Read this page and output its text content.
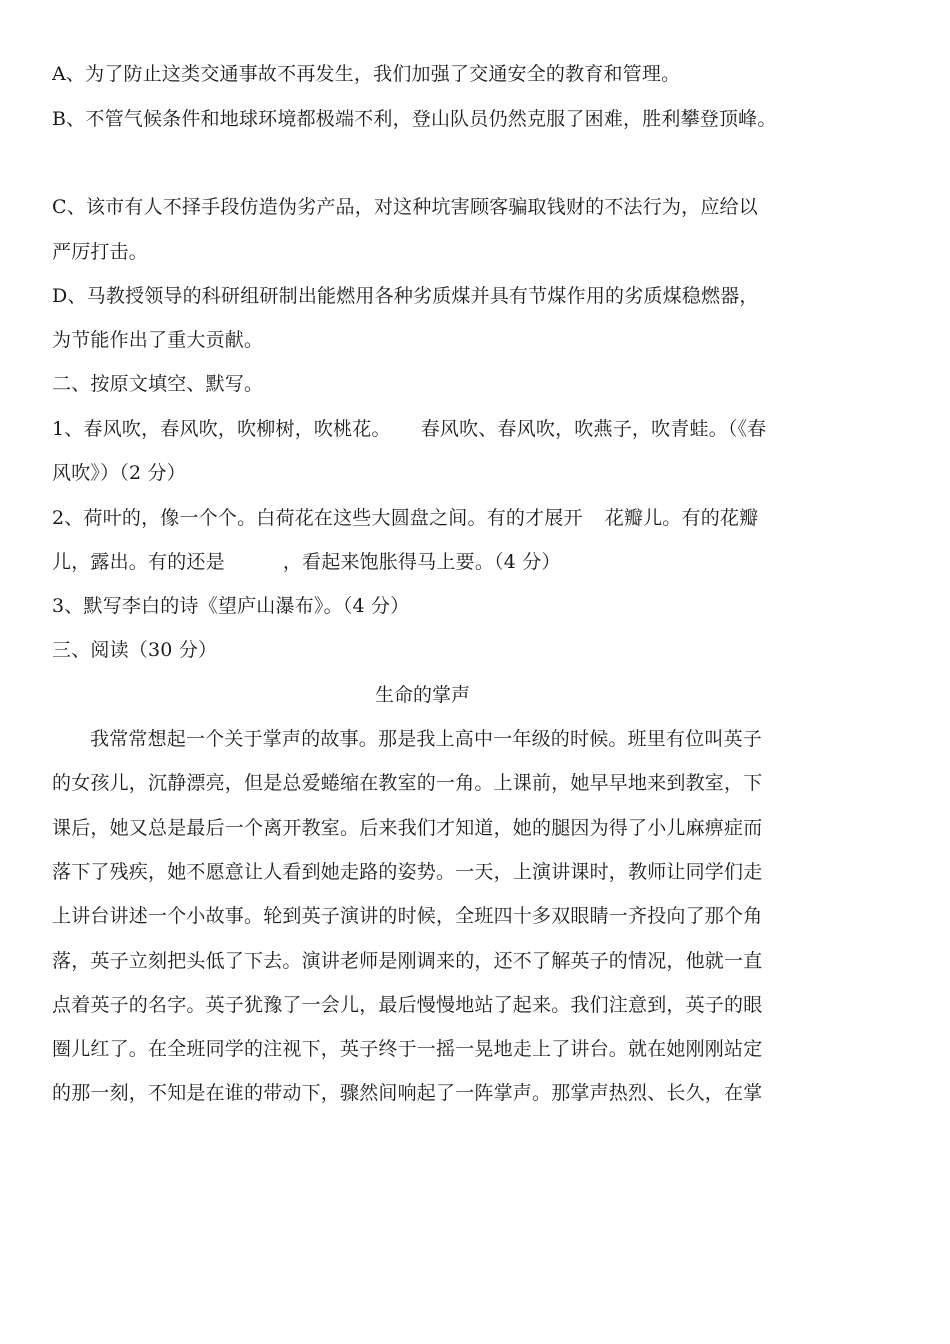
A、为了防止这类交通事故不再发生，我们加强了交通安全的教育和管理。
B、不管气候条件和地球环境都极端不利，登山队员仍然克服了困难，胜利攀登顶峰。
C、该市有人不择手段仿造伪劣产品，对这种坑害顾客骗取钱财的不法行为，应给以
严厉打击。
D、马教授领导的科研组研制出能燃用各种劣质煤并具有节煤作用的劣质煤稳燃器，
为节能作出了重大贡献。
二、按原文填空、默写。
1、春风吹，春风吹，吹柳树，吹桃花。 春风吹、春风吹，吹燕子，吹青蛙。（《春
风吹》）（2 分）
2、荷叶的，像一个个。白荷花在这些大圆盘之间。有的才展开 花瓣儿。有的花瓣
儿，露出。有的还是	，看起来饱胀得马上要。（4 分）
3、默写李白的诗《望庐山瀑布》。（4 分）
三、阅读（30 分）
生命的掌声
我常常想起一个关于掌声的故事。那是我上高中一年级的时候。班里有位叫英子
的女孩儿，沉静漂亮，但是总爱蜷缩在教室的一角。上课前，她早早地来到教室，下
课后，她又总是最后一个离开教室。后来我们才知道，她的腿因为得了小儿麻痹症而
落下了残疾，她不愿意让人看到她走路的姿势。一天，上演讲课时，教师让同学们走
上讲台讲述一个小故事。轮到英子演讲的时候，全班四十多双眼睛一齐投向了那个角
落，英子立刻把头低了下去。演讲老师是刚调来的，还不了解英子的情况，他就一直
点着英子的名字。英子犹豫了一会儿，最后慢慢地站了起来。我们注意到，英子的眼
圈儿红了。在全班同学的注视下，英子终于一摇一晃地走上了讲台。就在她刚刚站定
的那一刻，不知是在谁的带动下，骤然间响起了一阵掌声。那掌声热烈、长久，在掌
